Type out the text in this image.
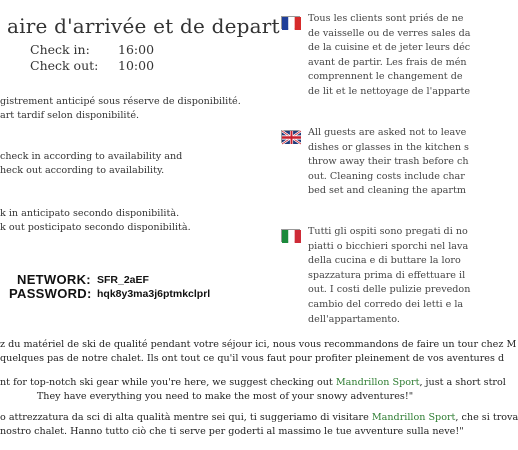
aire d'arrivée et de depart
Check in: 16:00
Check out: 10:00
gistrement anticipé sous réserve de disponibilité.
art tardif selon disponibilité.
check in according to availability and
heck out according to availability.
k in anticipato secondo disponibilità.
k out posticipato secondo disponibilità.
Tous les clients sont priés de ne
de vaisselle ou de verres sales da
de la cuisine et de jeter leurs déc
avant de partir. Les frais de mén
comprennent le changement de
de lit et le nettoyage de l'apparte
All guests are asked not to leave
dishes or glasses in the kitchen s
throw away their trash before ch
out. Cleaning costs include char
bed set and cleaning the apartm
Tutti gli ospiti sono pregati di no
piatti o bicchieri sporchi nel lava
della cucina e di buttare la loro
spazzatura prima di effettuare il
out. I costi delle pulizie prevedon
cambio del corredo dei letti e la
dell'appartamento.
NETWORK: SFR_2aEF
PASSWORD: hqk8y3ma3j6ptmkclprl
z du matériel de ski de qualité pendant votre séjour ici, nous vous recommandons de faire un tour chez M
quelques pas de notre chalet. Ils ont tout ce qu'il vous faut pour profiter pleinement de vos aventures d
nt for top-notch ski gear while you're here, we suggest checking out Mandrillon Sport, just a short strol
They have everything you need to make the most of your snowy adventures!"
o attrezzatura da sci di alta qualità mentre sei qui, ti suggeriamo di visitare Mandrillon Sport, che si trova
nostro chalet. Hanno tutto ciò che ti serve per goderti al massimo le tue avventure sulla neve!"
